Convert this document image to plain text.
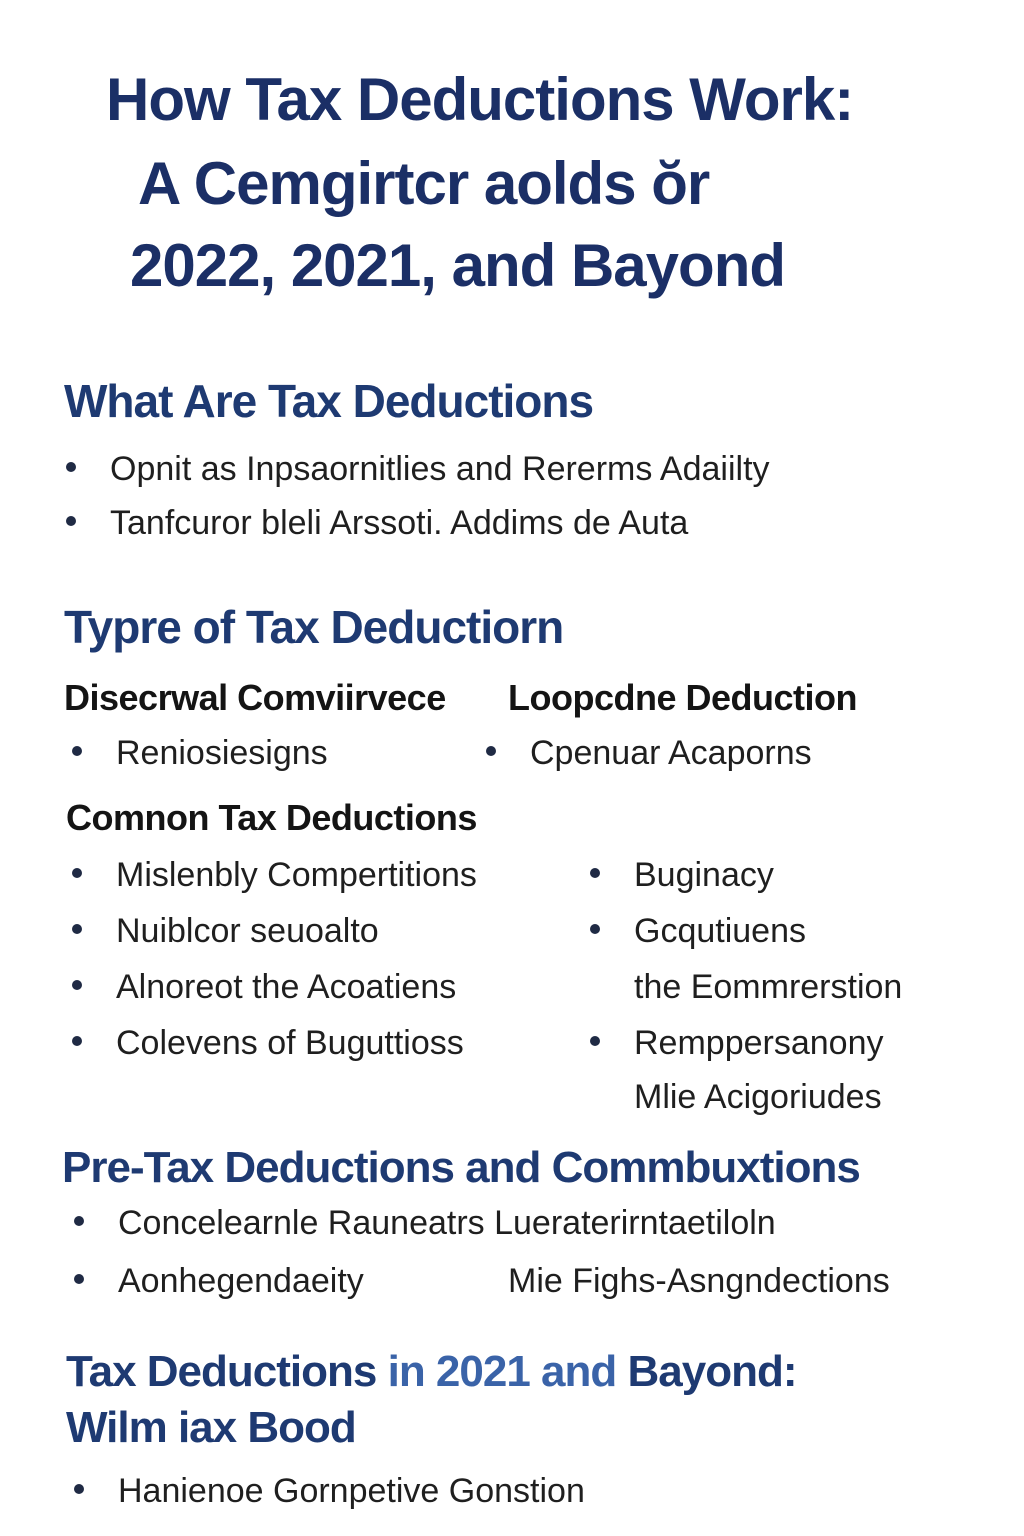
How Tax Deductions Work:
A Cemgirtcr aolds ŏr
2022, 2021, and Bayond
What Are Tax Deductions
Opnit as Inpsaornitlies and Rererms Adaiilty
Tanfcuror bleli Arssoti. Addims de Auta
Typre of Tax Deductiorn
Disecrwal Comviirvece Loopcdne Deduction
Reniosiesigns	Cpenuar Acaporns
Comnon Tax Deductions
Mislenbly Compertitions
Nuiblcor seuoalto
Alnoreot the Acoatiens
Colevens of Buguttioss
Buginacy
Gcqutiuens
the Eommrerstion
Remppersanony
Mlie Acigoriudes
Pre-Tax Deductions and Commbuxtions
Concelearnle Rauneatrs Lueraterirntaetiloln
Aonhegendaeity	Mie Fighs-Asngndections
Tax Deductions in 2021 and Bayond:
Wilm iax Bood
Hanienoe Gornpetive Gonstion
